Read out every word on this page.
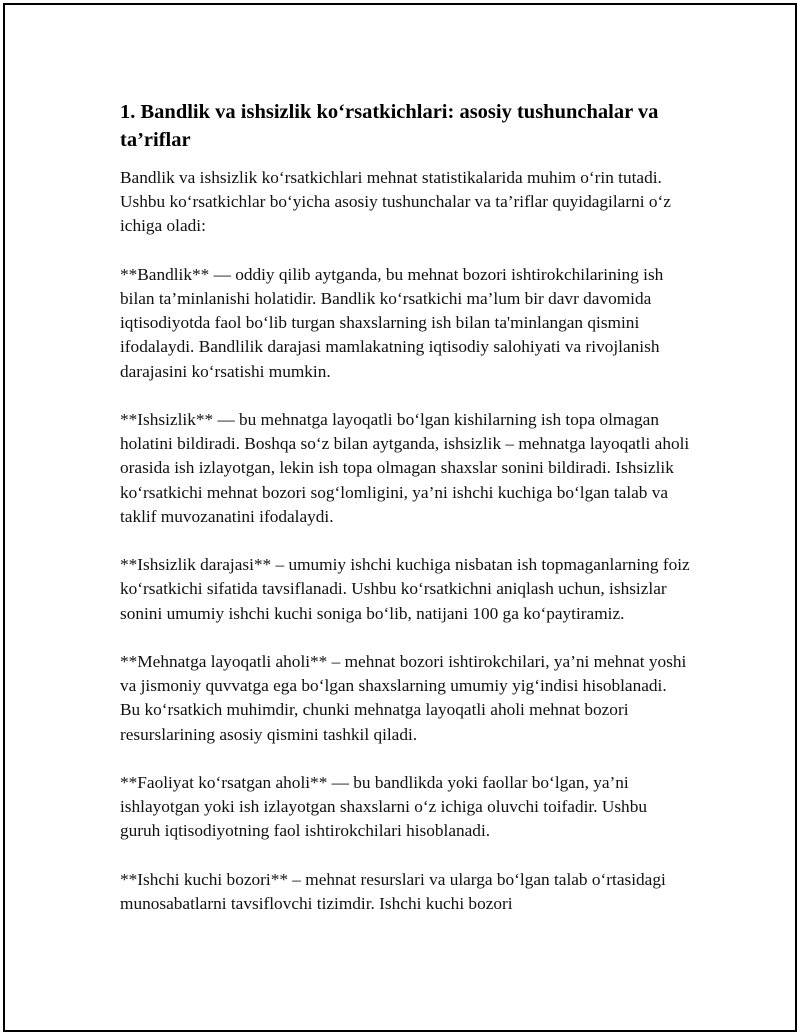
1. Bandlik va ishsizlik ko‘rsatkichlari: asosiy tushunchalar va ta’riflar

Bandlik va ishsizlik ko‘rsatkichlari mehnat statistikalarida muhim o‘rin tutadi. Ushbu ko‘rsatkichlar bo‘yicha asosiy tushunchalar va ta’riflar quyidagilarni o‘z ichiga oladi:

**Bandlik** — oddiy qilib aytganda, bu mehnat bozori ishtirokchilarining ish bilan ta’minlanishi holatidir. Bandlik ko‘rsatkichi ma’lum bir davr davomida iqtisodiyotda faol bo‘lib turgan shaxslarning ish bilan ta'minlangan qismini ifodalaydi. Bandlilik darajasi mamlakatning iqtisodiy salohiyati va rivojlanish darajasini ko‘rsatishi mumkin.

**Ishsizlik** — bu mehnatga layoqatli bo‘lgan kishilarning ish topa olmagan holatini bildiradi. Boshqa so‘z bilan aytganda, ishsizlik – mehnatga layoqatli aholi orasida ish izlayotgan, lekin ish topa olmagan shaxslar sonini bildiradi. Ishsizlik ko‘rsatkichi mehnat bozori sog‘lomligini, ya’ni ishchi kuchiga bo‘lgan talab va taklif muvozanatini ifodalaydi.

**Ishsizlik darajasi** – umumiy ishchi kuchiga nisbatan ish topmaganlarning foiz ko‘rsatkichi sifatida tavsiflanadi. Ushbu ko‘rsatkichni aniqlash uchun, ishsizlar sonini umumiy ishchi kuchi soniga bo‘lib, natijani 100 ga ko‘paytiramiz.

**Mehnatga layoqatli aholi** – mehnat bozori ishtirokchilari, ya’ni mehnat yoshi va jismoniy quvvatga ega bo‘lgan shaxslarning umumiy yig‘indisi hisoblanadi. Bu ko‘rsatkich muhimdir, chunki mehnatga layoqatli aholi mehnat bozori resurslarining asosiy qismini tashkil qiladi.

**Faoliyat ko‘rsatgan aholi** — bu bandlikda yoki faollar bo‘lgan, ya’ni ishlayotgan yoki ish izlayotgan shaxslarni o‘z ichiga oluvchi toifadir. Ushbu guruh iqtisodiyotning faol ishtirokchilari hisoblanadi.

**Ishchi kuchi bozori** – mehnat resurslari va ularga bo‘lgan talab o‘rtasidagi munosabatlarni tavsiflovchi tizimdir. Ishchi kuchi bozori
